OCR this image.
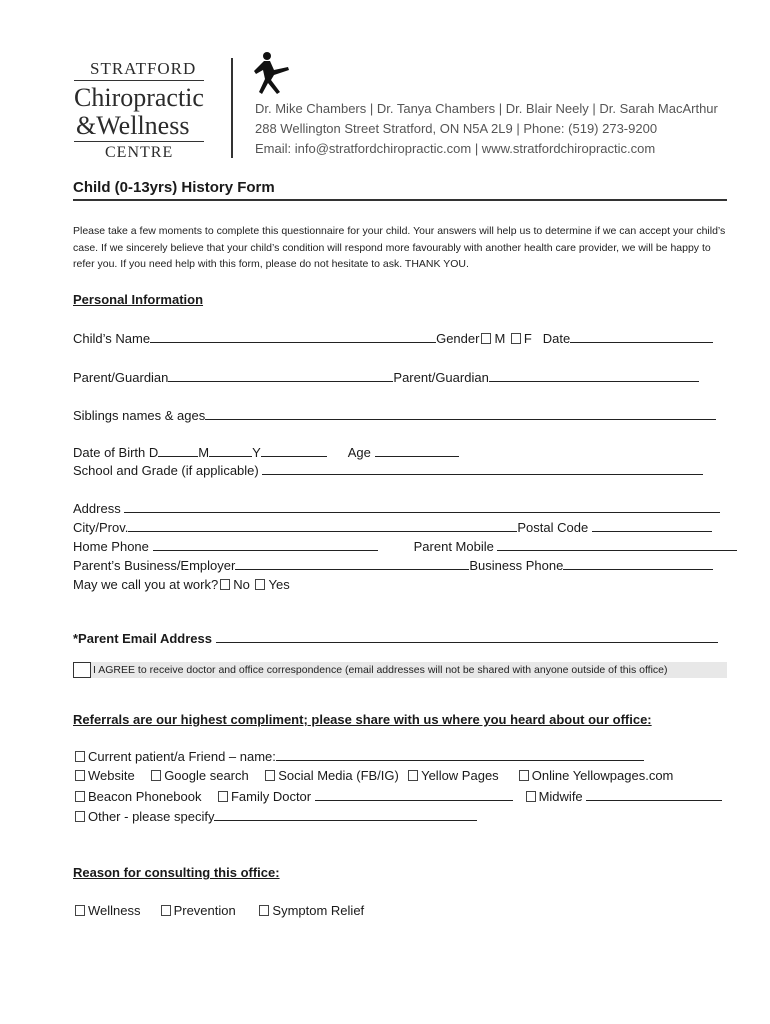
STRATFORD
Chiropractic
&Wellness
CENTRE
Dr. Mike Chambers | Dr. Tanya Chambers | Dr. Blair Neely | Dr. Sarah MacArthur
288 Wellington Street Stratford, ON N5A 2L9 | Phone: (519) 273-9200
Email: info@stratfordchiropractic.com | www.stratfordchiropractic.com
Child (0-13yrs) History Form
Please take a few moments to complete this questionnaire for your child. Your answers will help us to determine if we can accept your child’s case. If we sincerely believe that your child’s condition will respond more favourably with another health care provider, we will be happy to refer you. If you need help with this form, please do not hesitate to ask. THANK YOU.
Personal Information
Child’s Name	Gender M F Date
Parent/Guardian	Parent/Guardian
Siblings names & ages
Date of Birth D	M	Y	Age
School and Grade (if applicable)
Address
City/Prov.	Postal Code
Home Phone	Parent Mobile
Parent’s Business/Employer	Business Phone
May we call you at work? No Yes
*Parent Email Address
I AGREE to receive doctor and office correspondence (email addresses will not be shared with anyone outside of this office)
Referrals are our highest compliment; please share with us where you heard about our office:
Current patient/a Friend – name:
Website Google search Social Media (FB/IG) Yellow Pages	Online Yellowpages.com
Beacon Phonebook Family Doctor	Midwife
Other - please specify
Reason for consulting this office:
Wellness	Prevention	Symptom Relief
